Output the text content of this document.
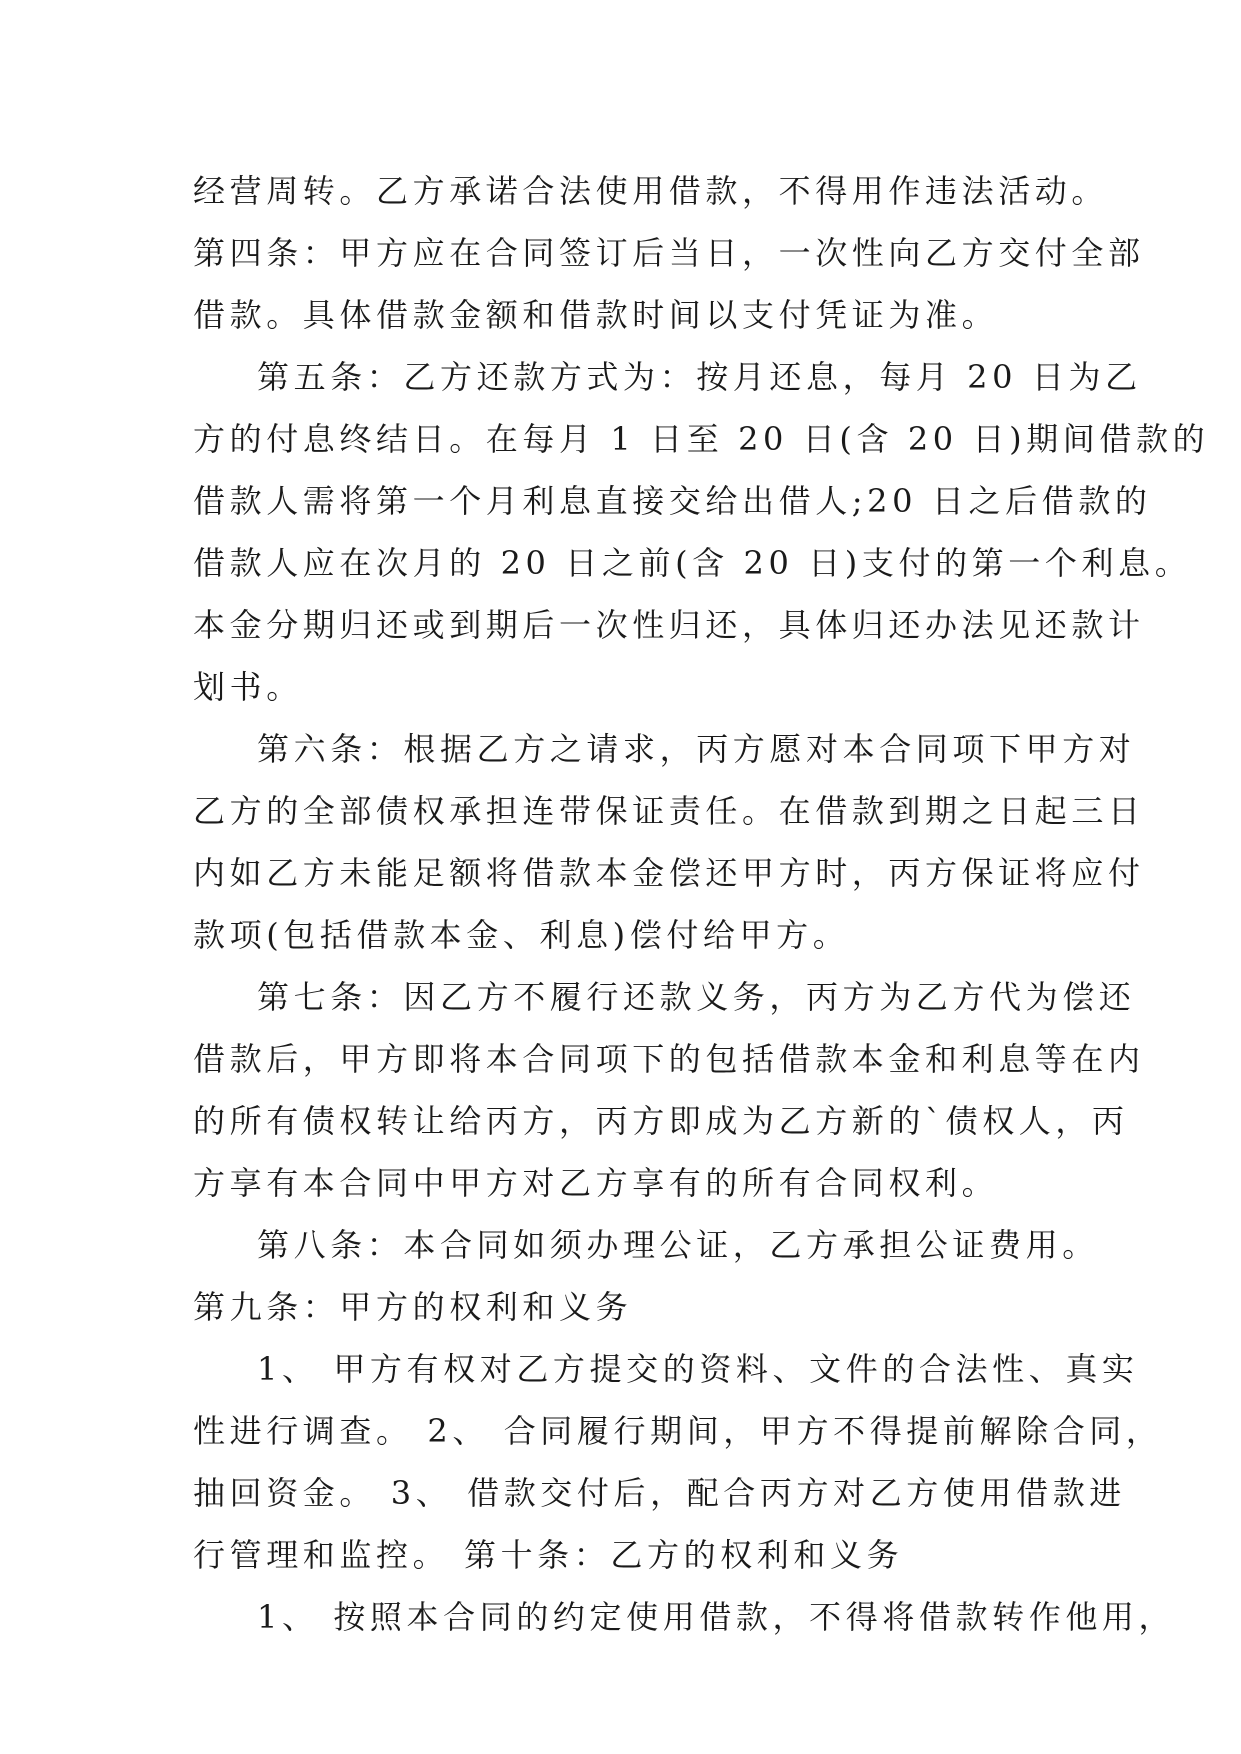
经营周转。乙方承诺合法使用借款，不得用作违法活动。
第四条：甲方应在合同签订后当日，一次性向乙方交付全部
借款。具体借款金额和借款时间以支付凭证为准。
第五条：乙方还款方式为：按月还息，每月 20 日为乙
方的付息终结日。在每月 1 日至 20 日(含 20 日)期间借款的
借款人需将第一个月利息直接交给出借人;20 日之后借款的
借款人应在次月的 20 日之前(含 20 日)支付的第一个利息。
本金分期归还或到期后一次性归还，具体归还办法见还款计
划书。
第六条：根据乙方之请求，丙方愿对本合同项下甲方对
乙方的全部债权承担连带保证责任。在借款到期之日起三日
内如乙方未能足额将借款本金偿还甲方时，丙方保证将应付
款项(包括借款本金、利息)偿付给甲方。
第七条：因乙方不履行还款义务，丙方为乙方代为偿还
借款后，甲方即将本合同项下的包括借款本金和利息等在内
的所有债权转让给丙方，丙方即成为乙方新的`债权人，丙
方享有本合同中甲方对乙方享有的所有合同权利。
第八条：本合同如须办理公证，乙方承担公证费用。
第九条：甲方的权利和义务
1、 甲方有权对乙方提交的资料、文件的合法性、真实
性进行调查。 2、 合同履行期间，甲方不得提前解除合同，
抽回资金。 3、 借款交付后，配合丙方对乙方使用借款进
行管理和监控。 第十条：乙方的权利和义务
1、 按照本合同的约定使用借款，不得将借款转作他用，
